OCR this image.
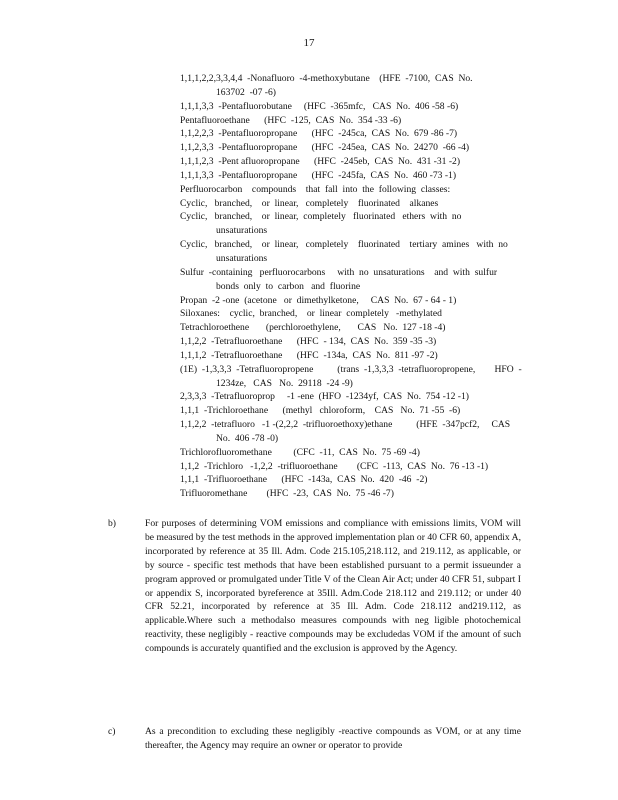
17
1,1,1,2,2,3,3,4,4  -Nonafluoro  -4-methoxybutane    (HFE  -7100,  CAS  No.
163702  -07 -6)
1,1,1,3,3  -Pentafluorobutane     (HFC  -365mfc,   CAS  No.  406 -58 -6)
Pentafluoroethane      (HFC  -125,  CAS  No.  354 -33 -6)
1,1,2,2,3  -Pentafluoropropane      (HFC  -245ca,  CAS  No.  679 -86 -7)
1,1,2,3,3  -Pentafluoropropane      (HFC  -245ea,  CAS  No.  24270  -66 -4)
1,1,1,2,3  -Pent afluoropropane      (HFC  -245eb,  CAS  No.  431 -31 -2)
1,1,1,3,3  -Pentafluoropropane      (HFC  -245fa,  CAS  No.  460 -73 -1)
Perfluorocarbon    compounds    that  fall  into  the  following  classes:
Cyclic,   branched,    or  linear,   completely    fluorinated    alkanes
Cyclic,   branched,    or  linear,  completely   fluorinated   ethers  with  no
unsaturations
Cyclic,   branched,    or  linear,   completely    fluorinated    tertiary  amines   with  no
unsaturations
Sulfur  -containing   perfluorocarbons     with  no  unsaturations    and  with  sulfur
bonds  only  to  carbon   and  fluorine
Propan  -2 -one  (acetone   or  dimethylketone,     CAS  No.  67 - 64 - 1)
Siloxanes:    cyclic,  branched,    or  linear  completely   -methylated
Tetrachloroethene       (perchloroethylene,       CAS   No.  127 -18 -4)
1,1,2,2  -Tetrafluoroethane      (HFC  - 134,  CAS  No.  359 -35 -3)
1,1,1,2  -Tetrafluoroethane      (HFC  -134a,  CAS  No.  811 -97 -2)
(1E)  -1,3,3,3  -Tetrafluoropropene          (trans  -1,3,3,3  -tetrafluoropropene,        HFO  -
1234ze,   CAS   No.  29118  -24 -9)
2,3,3,3  -Tetrafluoroprop     -1 -ene  (HFO  -1234yf,  CAS  No.  754 -12 -1)
1,1,1  -Trichloroethane      (methyl   chloroform,    CAS   No.  71 -55  -6)
1,1,2,2  -tetrafluoro   -1 -(2,2,2  -trifluoroethoxy)ethane          (HFE  -347pcf2,     CAS
No.  406 -78 -0)
Trichlorofluoromethane         (CFC  -11,  CAS  No.  75 -69 -4)
1,1,2  -Trichloro   -1,2,2  -trifluoroethane        (CFC  -113,  CAS  No.  76 -13 -1)
1,1,1  -Trifluoroethane      (HFC  -143a,  CAS  No.  420  -46  -2)
Trifluoromethane        (HFC  -23,  CAS  No.  75 -46 -7)
b)	For purposes of determining VOM emissions and compliance with emissions limits, VOM will be measured by the test methods in the approved implementation plan or 40 CFR 60, appendix A, incorporated by reference at 35 Ill. Adm. Code 215.105,218.112, and 219.112, as applicable, or by source - specific test methods that have been established pursuant to a permit issueunder a program approved or promulgated under Title V of the Clean Air Act; under 40 CFR 51, subpart I or appendix S, incorporated byreference at 35Ill. Adm.Code 218.112 and 219.112; or under 40 CFR 52.21, incorporated by reference at 35 Ill. Adm. Code 218.112 and219.112, as applicable.Where such a methodalso measures compounds with neg ligible photochemical reactivity, these negligibly - reactive compounds may be excludedas VOM if the amount of such compounds is accurately quantified and the exclusion is approved by the Agency.
c)	As a precondition to excluding these negligibly -reactive compounds as VOM, or at any time thereafter, the Agency may require an owner or operator to provide
